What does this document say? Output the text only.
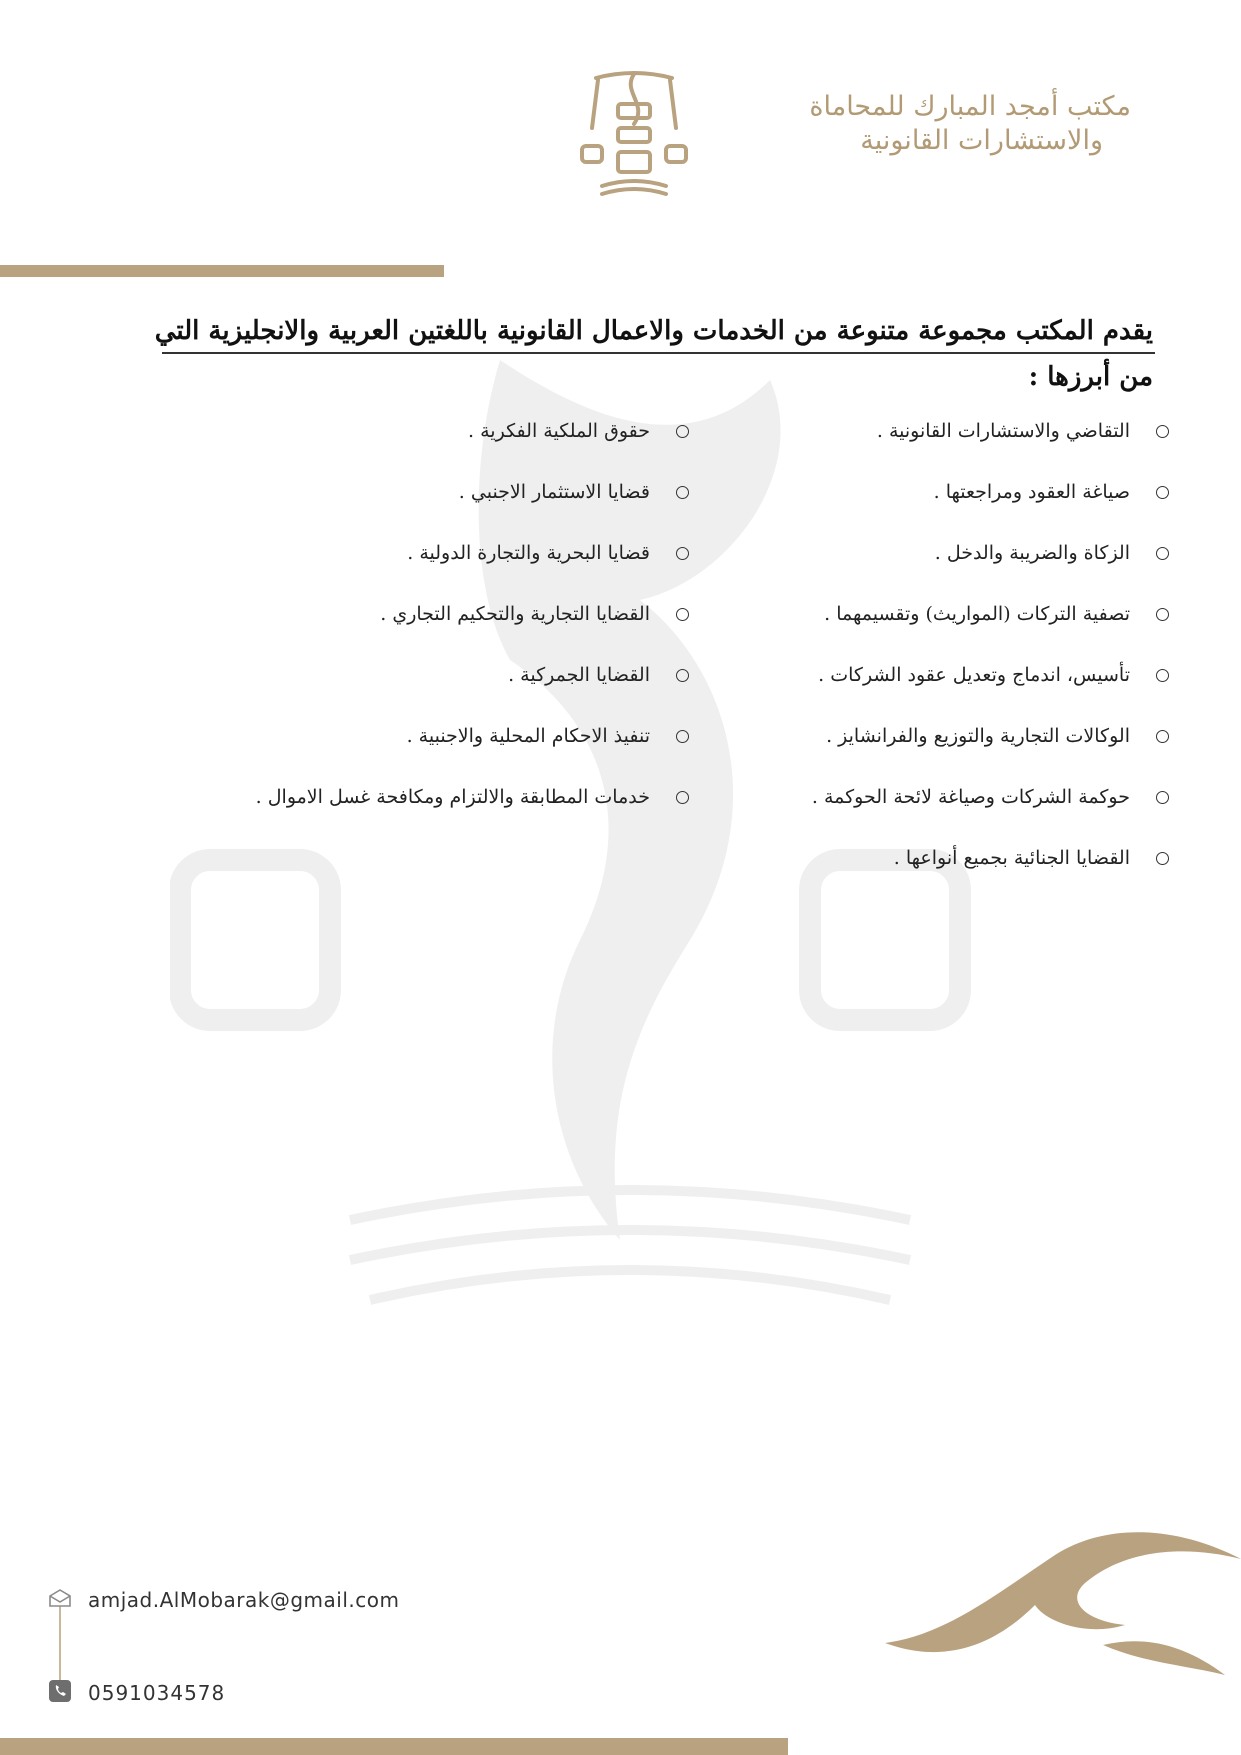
مكتب أمجد المبارك للمحاماة
والاستشارات القانونية
يقدم المكتب مجموعة متنوعة من الخدمات والاعمال القانونية باللغتين العربية والانجليزية التي من أبرزها :
التقاضي والاستشارات القانونية .
صياغة العقود ومراجعتها .
الزكاة والضريبة والدخل .
تصفية التركات (المواريث) وتقسيمهما .
تأسيس، اندماج وتعديل عقود الشركات .
الوكالات التجارية والتوزيع والفرانشايز .
حوكمة الشركات وصياغة لائحة الحوكمة .
القضايا الجنائية بجميع أنواعها .
حقوق الملكية الفكرية .
قضايا الاستثمار الاجنبي .
قضايا البحرية والتجارة الدولية .
القضايا التجارية والتحكيم التجاري .
القضايا الجمركية .
تنفيذ الاحكام المحلية والاجنبية .
خدمات المطابقة والالتزام ومكافحة غسل الاموال .
amjad.AlMobarak@gmail.com
0591034578
